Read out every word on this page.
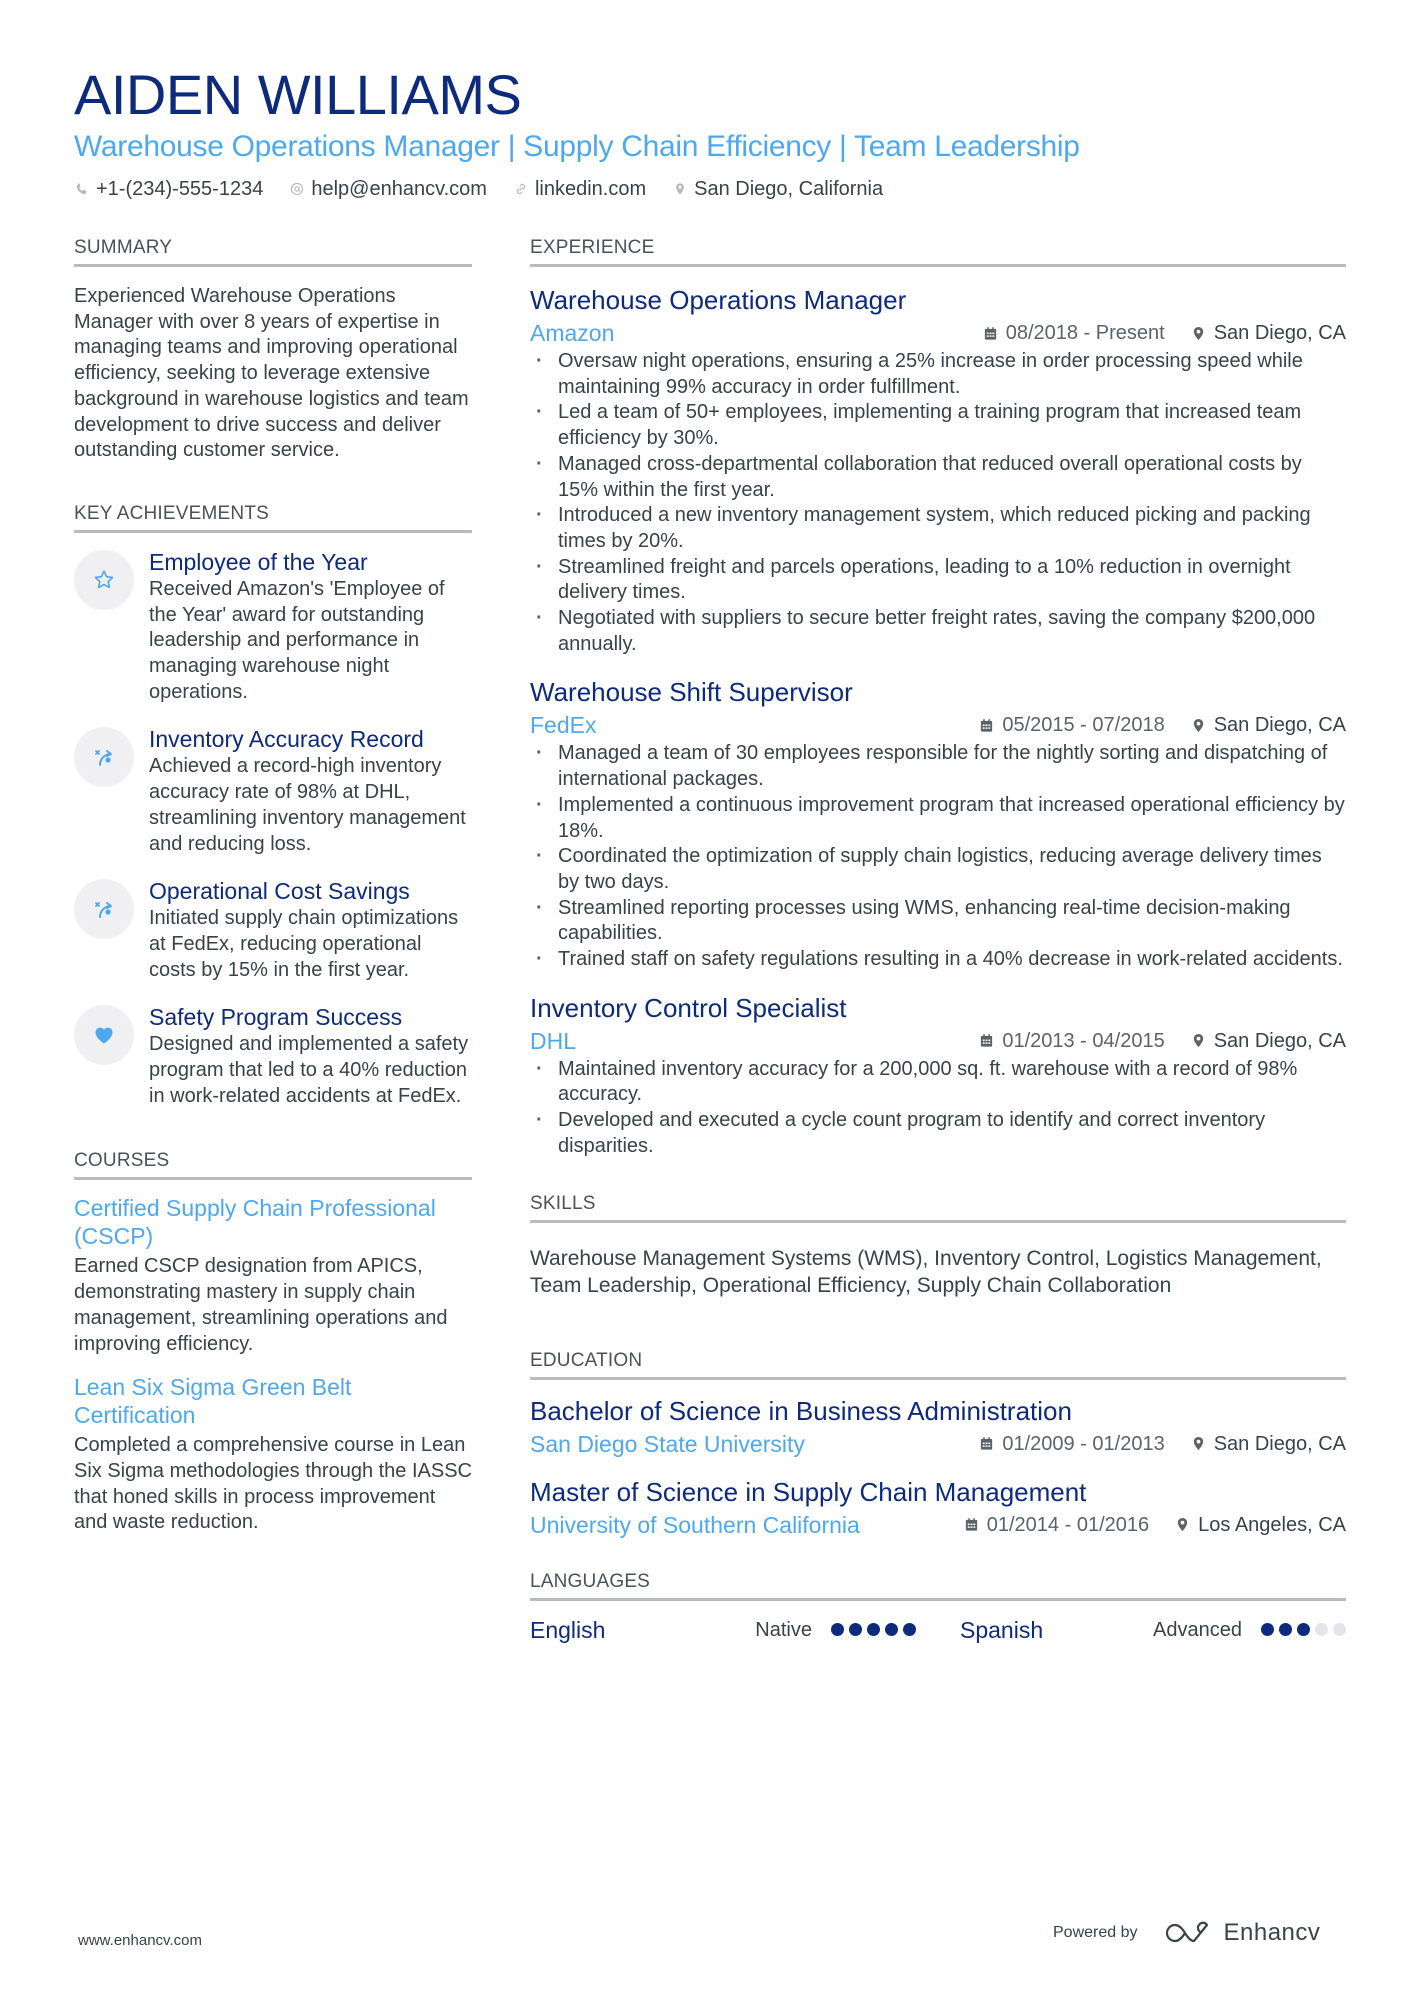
AIDEN WILLIAMS
Warehouse Operations Manager | Supply Chain Efficiency | Team Leadership
+1-(234)-555-1234 help@enhancv.com linkedin.com San Diego, California
SUMMARY

Experienced Warehouse Operations Manager with over 8 years of expertise in managing teams and improving operational efficiency, seeking to leverage extensive background in warehouse logistics and team development to drive success and deliver outstanding customer service.

KEY ACHIEVEMENTS
Employee of the Year
Received Amazon's 'Employee of the Year' award for outstanding leadership and performance in managing warehouse night operations.
Inventory Accuracy Record
Achieved a record-high inventory accuracy rate of 98% at DHL, streamlining inventory management and reducing loss.
Operational Cost Savings
Initiated supply chain optimizations at FedEx, reducing operational costs by 15% in the first year.
Safety Program Success
Designed and implemented a safety program that led to a 40% reduction in work-related accidents at FedEx.
COURSES
Certified Supply Chain Professional (CSCP)
Earned CSCP designation from APICS, demonstrating mastery in supply chain management, streamlining operations and improving efficiency.
Lean Six Sigma Green Belt Certification
Completed a comprehensive course in Lean Six Sigma methodologies through the IASSC that honed skills in process improvement and waste reduction.
EXPERIENCE
Warehouse Operations Manager
Amazon	08/2018 - Present San Diego, CA
· Oversaw night operations, ensuring a 25% increase in order processing speed while maintaining 99% accuracy in order fulfillment.
· Led a team of 50+ employees, implementing a training program that increased team efficiency by 30%.
· Managed cross-departmental collaboration that reduced overall operational costs by 15% within the first year.
· Introduced a new inventory management system, which reduced picking and packing times by 20%.
· Streamlined freight and parcels operations, leading to a 10% reduction in overnight delivery times.
· Negotiated with suppliers to secure better freight rates, saving the company $200,000 annually.
Warehouse Shift Supervisor
FedEx	05/2015 - 07/2018 San Diego, CA
· Managed a team of 30 employees responsible for the nightly sorting and dispatching of international packages.
· Implemented a continuous improvement program that increased operational efficiency by 18%.
· Coordinated the optimization of supply chain logistics, reducing average delivery times by two days.
· Streamlined reporting processes using WMS, enhancing real-time decision-making capabilities.
· Trained staff on safety regulations resulting in a 40% decrease in work-related accidents.
Inventory Control Specialist
DHL	01/2013 - 04/2015 San Diego, CA
· Maintained inventory accuracy for a 200,000 sq. ft. warehouse with a record of 98% accuracy.
· Developed and executed a cycle count program to identify and correct inventory disparities.
SKILLS

Warehouse Management Systems (WMS), Inventory Control, Logistics Management, Team Leadership, Operational Efficiency, Supply Chain Collaboration

EDUCATION
Bachelor of Science in Business Administration
San Diego State University	01/2009 - 01/2013 San Diego, CA
Master of Science in Supply Chain Management
University of Southern California	01/2014 - 01/2016 Los Angeles, CA
LANGUAGES
English	Native	Spanish	Advanced
www.enhancv.com	Powered by	Enhancv
